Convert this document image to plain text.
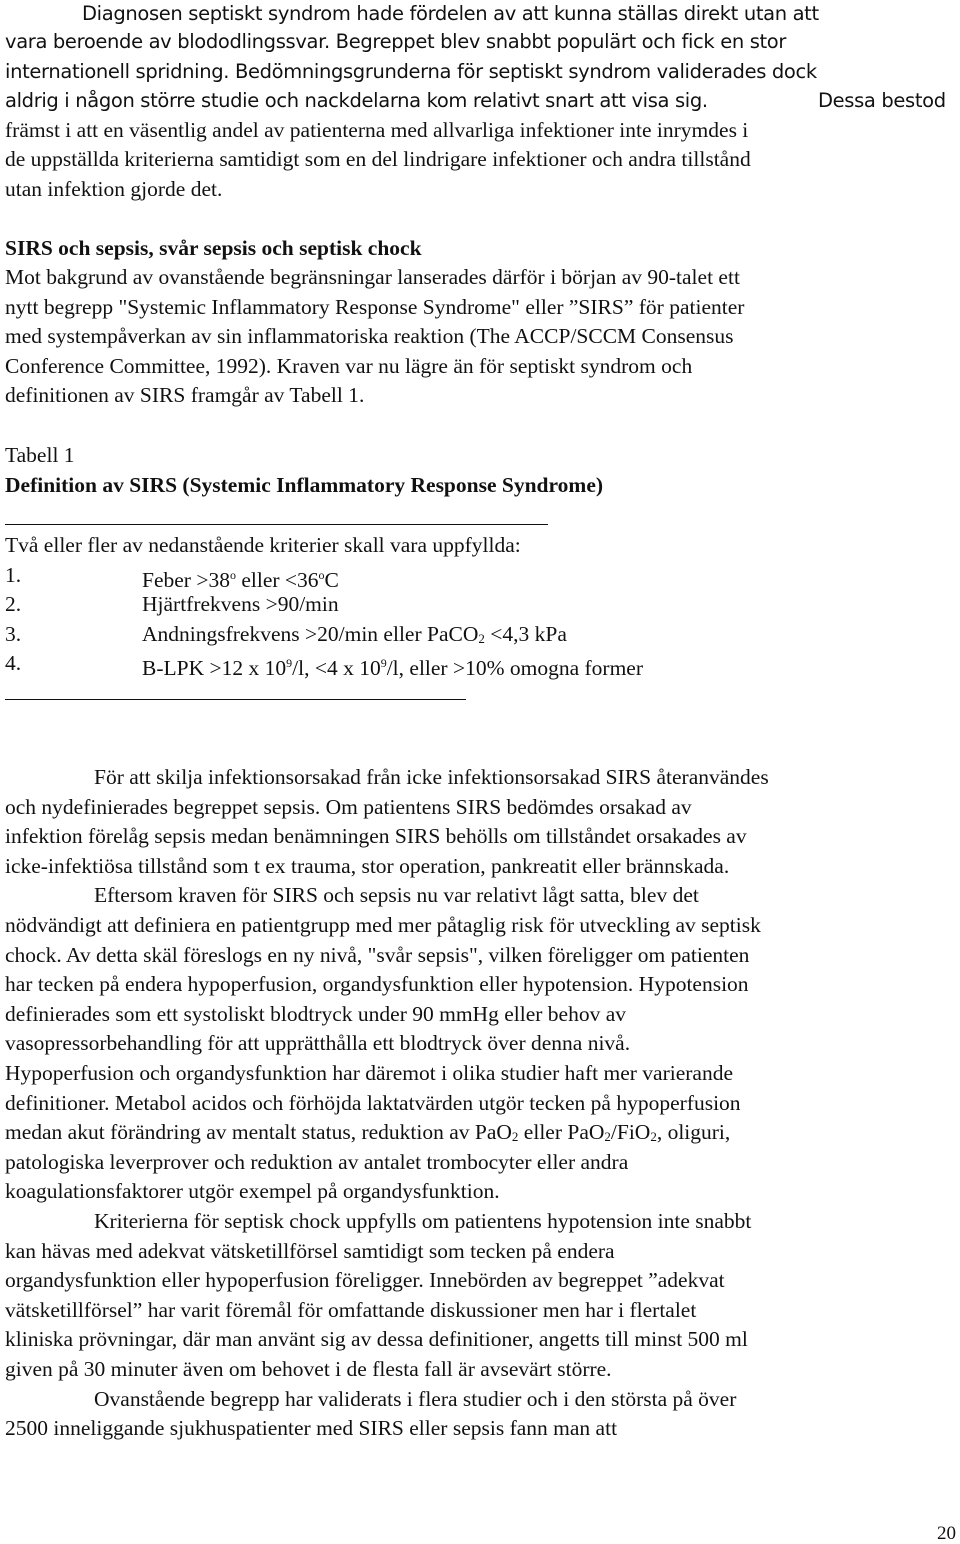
Diagnosen septiskt syndrom hade fördelen av att kunna ställas direkt utan att
vara beroende av blododlingssvar. Begreppet blev snabbt populärt och fick en stor
internationell spridning. Bedömningsgrunderna för septiskt syndrom validerades dock
aldrig i någon större studie och nackdelarna kom relativt snart att visa sig.	Dessa bestod
främst i att en väsentlig andel av patienterna med allvarliga infektioner inte inrymdes i
de uppställda kriterierna samtidigt som en del lindrigare infektioner och andra tillstånd
utan infektion gjorde det.
SIRS och sepsis, svår sepsis och septisk chock
Mot bakgrund av ovanstående begränsningar lanserades därför i början av 90-talet ett
nytt begrepp "Systemic Inflammatory Response Syndrome" eller ”SIRS” för patienter
med systempåverkan av sin inflammatoriska reaktion (The ACCP/SCCM Consensus
Conference Committee, 1992). Kraven var nu lägre än för septiskt syndrom och
definitionen av SIRS framgår av Tabell 1.
Tabell 1
Definition av SIRS (Systemic Inflammatory Response Syndrome)
Två eller fler av nedanstående kriterier skall vara uppfyllda:
1.	Feber $>38^o$ eller $<36^oC$
2.	Hjärtfrekvens >90/min
3.	Andningsfrekvens >20/min eller PaCO2 <4,3 kPa
4.	B-LPK >12 x $10^9/l$, <4 x $10^9/l$, eller >10% omogna former
För att skilja infektionsorsakad från icke infektionsorsakad SIRS återanvändes
och nydefinierades begreppet sepsis. Om patientens SIRS bedömdes orsakad av
infektion förelåg sepsis medan benämningen SIRS behölls om tillståndet orsakades av
icke-infektiösa tillstånd som t ex trauma, stor operation, pankreatit eller brännskada.
Eftersom kraven för SIRS och sepsis nu var relativt lågt satta, blev det
nödvändigt att definiera en patientgrupp med mer påtaglig risk för utveckling av septisk
chock. Av detta skäl föreslogs en ny nivå, "svår sepsis", vilken föreligger om patienten
har tecken på endera hypoperfusion, organdysfunktion eller hypotension. Hypotension
definierades som ett systoliskt blodtryck under 90 mmHg eller behov av
vasopressorbehandling för att upprätthålla ett blodtryck över denna nivå.
Hypoperfusion och organdysfunktion har däremot i olika studier haft mer varierande
definitioner. Metabol acidos och förhöjda laktatvärden utgör tecken på hypoperfusion
medan akut förändring av mentalt status, reduktion av PaO2 eller PaO2/FiO2, oliguri,
patologiska leverprover och reduktion av antalet trombocyter eller andra
koagulationsfaktorer utgör exempel på organdysfunktion.
Kriterierna för septisk chock uppfylls om patientens hypotension inte snabbt
kan hävas med adekvat vätsketillförsel samtidigt som tecken på endera
organdysfunktion eller hypoperfusion föreligger. Innebörden av begreppet ”adekvat
vätsketillförsel” har varit föremål för omfattande diskussioner men har i flertalet
kliniska prövningar, där man använt sig av dessa definitioner, angetts till minst 500 ml
given på 30 minuter även om behovet i de flesta fall är avsevärt större.
Ovanstående begrepp har validerats i flera studier och i den största på över
2500 inneliggande sjukhuspatienter med SIRS eller sepsis fann man att
20
